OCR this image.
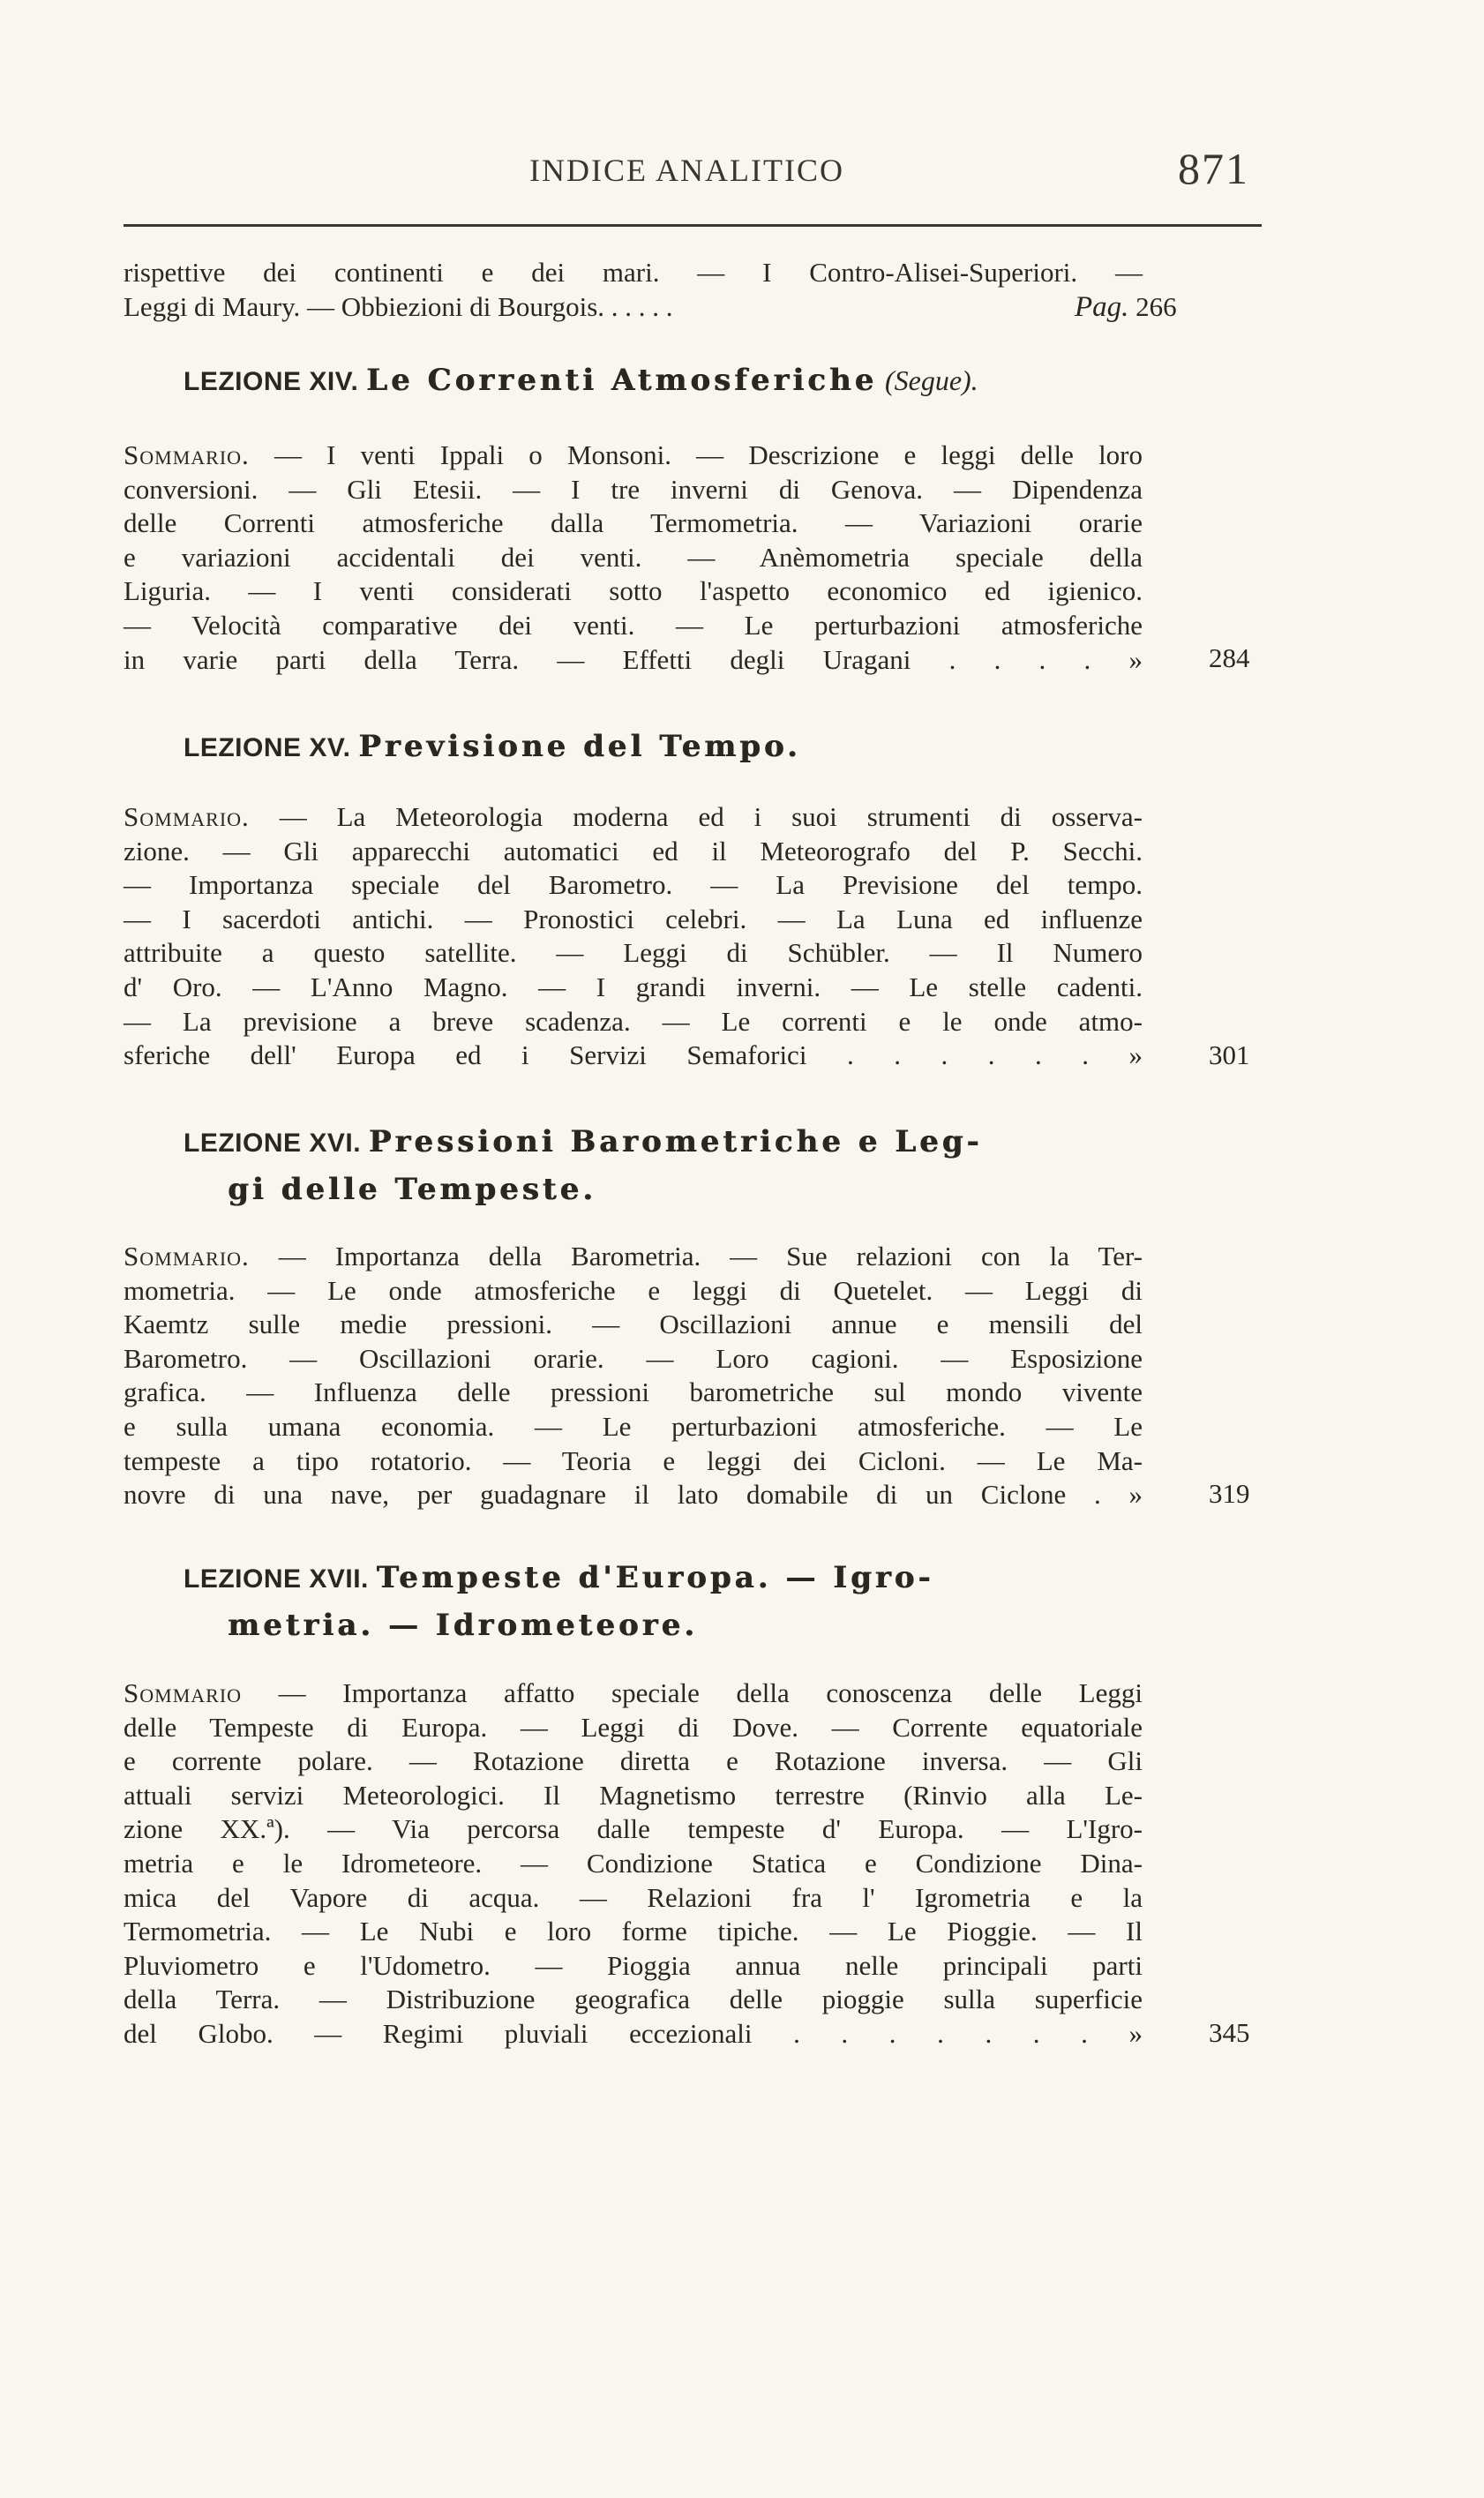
INDICE ANALITICO	871
rispettive dei continenti e dei mari. — I Contro-Alisei-Superiori. —
Leggi di Maury. — Obbiezioni di Bourgois. . . . . .	Pag. 266
LEZIONE XIV. Le Correnti Atmosferiche (Segue).
Sommario. — I venti Ippali o Monsoni. — Descrizione e leggi delle loro
conversioni. — Gli Etesii. — I tre inverni di Genova. — Dipendenza
delle Correnti atmosferiche dalla Termometria. — Variazioni orarie
e variazioni accidentali dei venti. — Anèmometria speciale della
Liguria. — I venti considerati sotto l'aspetto economico ed igienico.
— Velocità comparative dei venti. — Le perturbazioni atmosferiche
in varie parti della Terra. — Effetti degli Uragani . . . . » 284
LEZIONE XV. Previsione del Tempo.
Sommario. — La Meteorologia moderna ed i suoi strumenti di osserva-
zione. — Gli apparecchi automatici ed il Meteorografo del P. Secchi.
— Importanza speciale del Barometro. — La Previsione del tempo.
— I sacerdoti antichi. — Pronostici celebri. — La Luna ed influenze
attribuite a questo satellite. — Leggi di Schübler. — Il Numero
d' Oro. — L'Anno Magno. — I grandi inverni. — Le stelle cadenti.
— La previsione a breve scadenza. — Le correnti e le onde atmo-
sferiche dell' Europa ed i Servizi Semaforici . . . . . . » 301
LEZIONE XVI. Pressioni Barometriche e Leg-
gi delle Tempeste.
Sommario. — Importanza della Barometria. — Sue relazioni con la Ter-
mometria. — Le onde atmosferiche e leggi di Quetelet. — Leggi di
Kaemtz sulle medie pressioni. — Oscillazioni annue e mensili del
Barometro. — Oscillazioni orarie. — Loro cagioni. — Esposizione
grafica. — Influenza delle pressioni barometriche sul mondo vivente
e sulla umana economia. — Le perturbazioni atmosferiche. — Le
tempeste a tipo rotatorio. — Teoria e leggi dei Cicloni. — Le Ma-
novre di una nave, per guadagnare il lato domabile di un Ciclone . » 319
LEZIONE XVII. Tempeste d'Europa. — Igro-
metria. — Idrometeore.
Sommario — Importanza affatto speciale della conoscenza delle Leggi
delle Tempeste di Europa. — Leggi di Dove. — Corrente equatoriale
e corrente polare. — Rotazione diretta e Rotazione inversa. — Gli
attuali servizi Meteorologici. Il Magnetismo terrestre (Rinvio alla Le-
zione XX.ª). — Via percorsa dalle tempeste d' Europa. — L'Igro-
metria e le Idrometeore. — Condizione Statica e Condizione Dina-
mica del Vapore di acqua. — Relazioni fra l' Igrometria e la
Termometria. — Le Nubi e loro forme tipiche. — Le Pioggie. — Il
Pluviometro e l'Udometro. — Pioggia annua nelle principali parti
della Terra. — Distribuzione geografica delle pioggie sulla superficie
del Globo. — Regimi pluviali eccezionali . . . . . . . » 345
